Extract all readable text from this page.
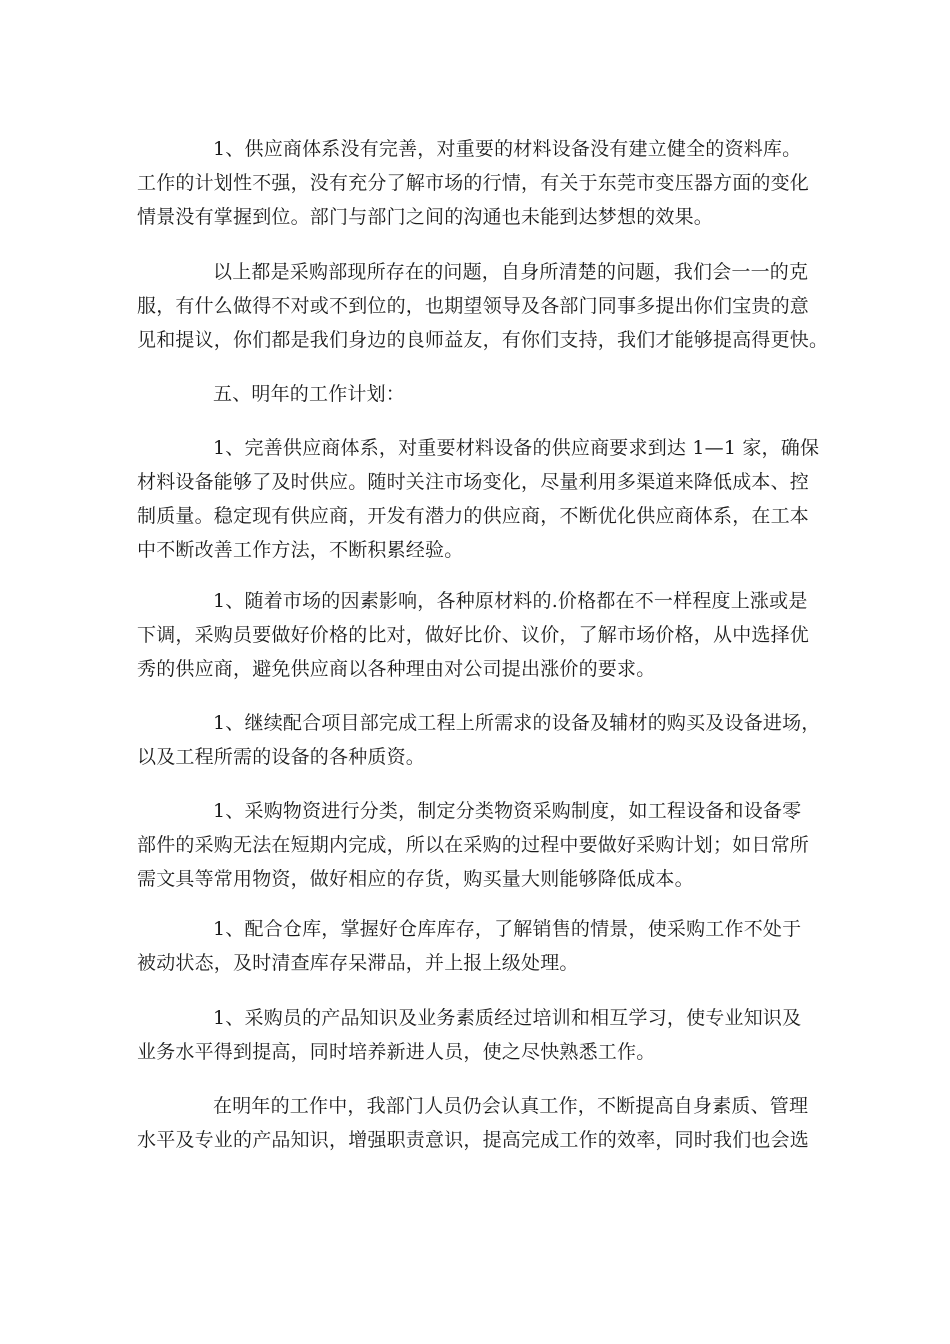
1、供应商体系没有完善，对重要的材料设备没有建立健全的资料库。
工作的计划性不强，没有充分了解市场的行情，有关于东莞市变压器方面的变化
情景没有掌握到位。部门与部门之间的沟通也未能到达梦想的效果。

以上都是采购部现所存在的问题，自身所清楚的问题，我们会一一的克
服，有什么做得不对或不到位的，也期望领导及各部门同事多提出你们宝贵的意
见和提议，你们都是我们身边的良师益友，有你们支持，我们才能够提高得更快。

五、明年的工作计划：

1、完善供应商体系，对重要材料设备的供应商要求到达 1—1 家，确保
材料设备能够了及时供应。随时关注市场变化，尽量利用多渠道来降低成本、控
制质量。稳定现有供应商，开发有潜力的供应商，不断优化供应商体系，在工本
中不断改善工作方法，不断积累经验。

1、随着市场的因素影响，各种原材料的.价格都在不一样程度上涨或是
下调，采购员要做好价格的比对，做好比价、议价，了解市场价格，从中选择优
秀的供应商，避免供应商以各种理由对公司提出涨价的要求。

1、继续配合项目部完成工程上所需求的设备及辅材的购买及设备进场，
以及工程所需的设备的各种质资。

1、采购物资进行分类，制定分类物资采购制度，如工程设备和设备零
部件的采购无法在短期内完成，所以在采购的过程中要做好采购计划；如日常所
需文具等常用物资，做好相应的存货，购买量大则能够降低成本。

1、配合仓库，掌握好仓库库存，了解销售的情景，使采购工作不处于
被动状态，及时清查库存呆滞品，并上报上级处理。

1、采购员的产品知识及业务素质经过培训和相互学习，使专业知识及
业务水平得到提高，同时培养新进人员，使之尽快熟悉工作。

在明年的工作中，我部门人员仍会认真工作，不断提高自身素质、管理
水平及专业的产品知识，增强职责意识，提高完成工作的效率，同时我们也会选
